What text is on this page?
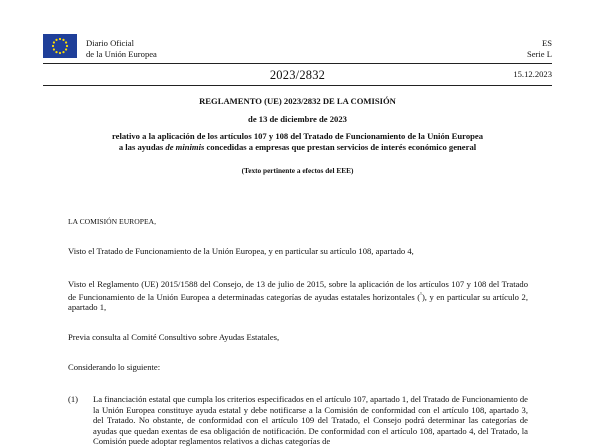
Diario Oficial
de la Unión Europea
ES
Serie L
2023/2832	15.12.2023
REGLAMENTO (UE) 2023/2832 DE LA COMISIÓN
de 13 de diciembre de 2023
relativo a la aplicación de los artículos 107 y 108 del Tratado de Funcionamiento de la Unión Europea
a las ayudas de minimis concedidas a empresas que prestan servicios de interés económico general
(Texto pertinente a efectos del EEE)
LA COMISIÓN EUROPEA,
Visto el Tratado de Funcionamiento de la Unión Europea, y en particular su artículo 108, apartado 4,
Visto el Reglamento (UE) 2015/1588 del Consejo, de 13 de julio de 2015, sobre la aplicación de los artículos 107 y 108 del Tratado de Funcionamiento de la Unión Europea a determinadas categorías de ayudas estatales horizontales ($^{^1}$), y en particular su artículo 2, apartado 1,
Previa consulta al Comité Consultivo sobre Ayudas Estatales,
Considerando lo siguiente:
(1) La financiación estatal que cumpla los criterios especificados en el artículo 107, apartado 1, del Tratado de Funcionamiento de la Unión Europea constituye ayuda estatal y debe notificarse a la Comisión de conformidad con el artículo 108, apartado 3, del Tratado. No obstante, de conformidad con el artículo 109 del Tratado, el Consejo podrá determinar las categorías de ayudas que quedan exentas de esa obligación de notificación. De conformidad con el artículo 108, apartado 4, del Tratado, la Comisión puede adoptar reglamentos relativos a dichas categorías de
